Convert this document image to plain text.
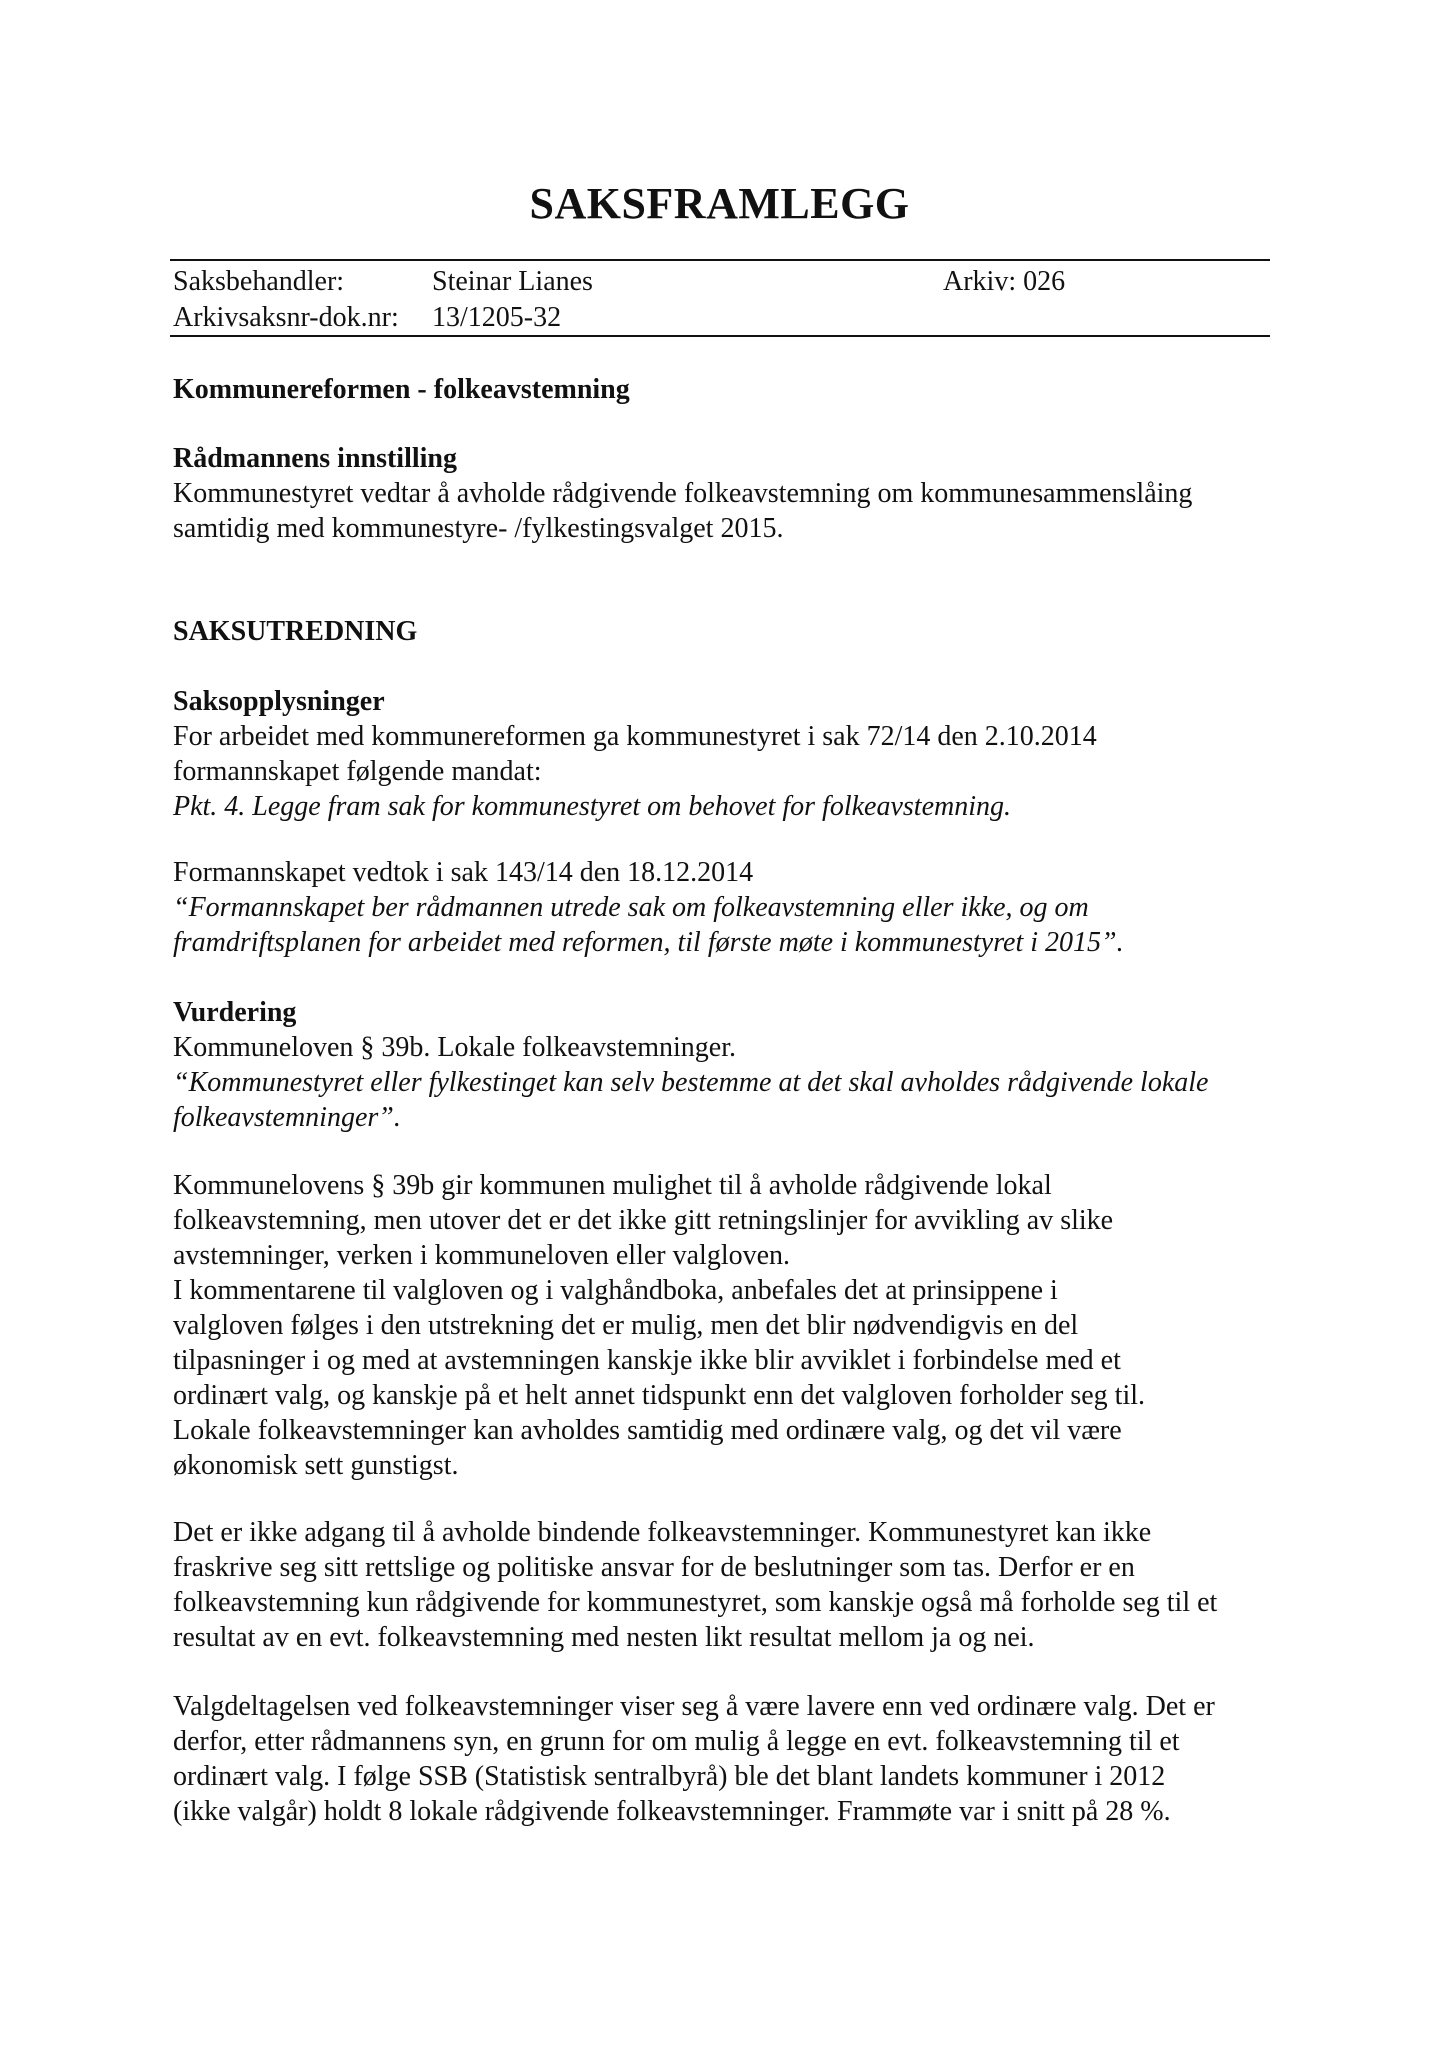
SAKSFRAMLEGG
Saksbehandler:	Steinar Lianes	Arkiv: 026
Arkivsaksnr-dok.nr: 13/1205-32
Kommunereformen - folkeavstemning

Rådmannens innstilling

Kommunestyret vedtar å avholde rådgivende folkeavstemning om kommunesammenslåing

samtidig med kommunestyre- /fylkestingsvalget 2015.

SAKSUTREDNING

Saksopplysninger

For arbeidet med kommunereformen ga kommunestyret i sak 72/14 den 2.10.2014

formannskapet følgende mandat:

Pkt. 4. Legge fram sak for kommunestyret om behovet for folkeavstemning.

Formannskapet vedtok i sak 143/14 den 18.12.2014

“Formannskapet ber rådmannen utrede sak om folkeavstemning eller ikke, og om

framdriftsplanen for arbeidet med reformen, til første møte i kommunestyret i 2015”.

Vurdering

Kommuneloven § 39b. Lokale folkeavstemninger.

“Kommunestyret eller fylkestinget kan selv bestemme at det skal avholdes rådgivende lokale

folkeavstemninger”.

Kommunelovens § 39b gir kommunen mulighet til å avholde rådgivende lokal

folkeavstemning, men utover det er det ikke gitt retningslinjer for avvikling av slike

avstemninger, verken i kommuneloven eller valgloven.

I kommentarene til valgloven og i valghåndboka, anbefales det at prinsippene i

valgloven følges i den utstrekning det er mulig, men det blir nødvendigvis en del

tilpasninger i og med at avstemningen kanskje ikke blir avviklet i forbindelse med et

ordinært valg, og kanskje på et helt annet tidspunkt enn det valgloven forholder seg til.

Lokale folkeavstemninger kan avholdes samtidig med ordinære valg, og det vil være

økonomisk sett gunstigst.

Det er ikke adgang til å avholde bindende folkeavstemninger. Kommunestyret kan ikke

fraskrive seg sitt rettslige og politiske ansvar for de beslutninger som tas. Derfor er en

folkeavstemning kun rådgivende for kommunestyret, som kanskje også må forholde seg til et

resultat av en evt. folkeavstemning med nesten likt resultat mellom ja og nei.

Valgdeltagelsen ved folkeavstemninger viser seg å være lavere enn ved ordinære valg. Det er

derfor, etter rådmannens syn, en grunn for om mulig å legge en evt. folkeavstemning til et

ordinært valg. I følge SSB (Statistisk sentralbyrå) ble det blant landets kommuner i 2012

(ikke valgår) holdt 8 lokale rådgivende folkeavstemninger. Frammøte var i snitt på 28 %.
